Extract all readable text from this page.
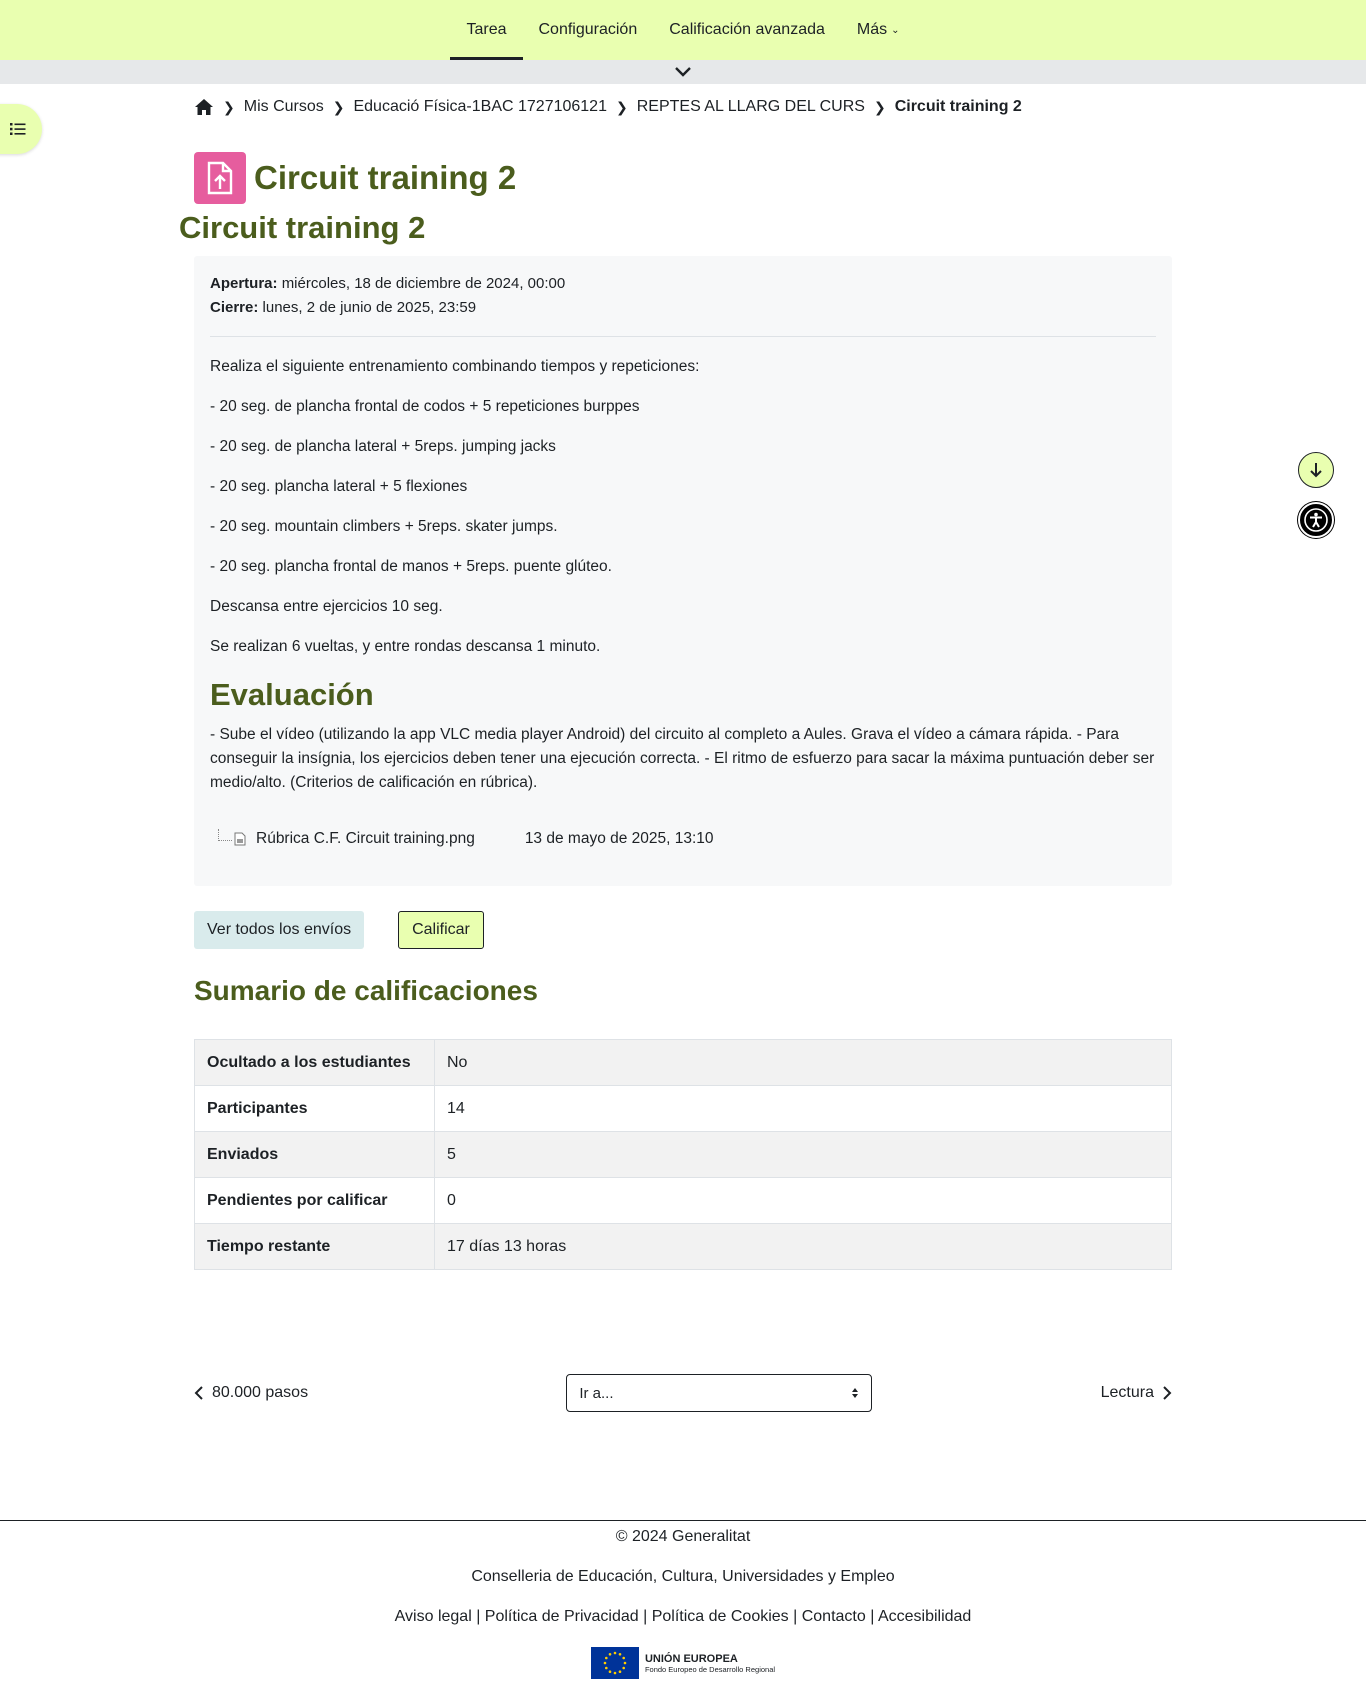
Tarea Configuración Calificación avanzada Más ⌄
❯ Mis Cursos ❯ Educació Física-1BAC 1727106121 ❯ REPTES AL LLARG DEL CURS ❯ Circuit training 2
Circuit training 2
Circuit training 2
Apertura: miércoles, 18 de diciembre de 2024, 00:00
Cierre: lunes, 2 de junio de 2025, 23:59

Realiza el siguiente entrenamiento combinando tiempos y repeticiones:

- 20 seg. de plancha frontal de codos + 5 repeticiones burppes

- 20 seg. de plancha lateral + 5reps. jumping jacks

- 20 seg. plancha lateral + 5 flexiones

- 20 seg. mountain climbers + 5reps. skater jumps.

- 20 seg. plancha frontal de manos + 5reps. puente glúteo.

Descansa entre ejercicios 10 seg.

Se realizan 6 vueltas, y entre rondas descansa 1 minuto.

Evaluación
- Sube el vídeo (utilizando la app VLC media player Android) del circuito al completo a Aules. Grava el vídeo a cámara rápida. - Para conseguir la insígnia, los ejercicios deben tener una ejecución correcta. - El ritmo de esfuerzo para sacar la máxima puntuación deber ser medio/alto. (Criterios de calificación en rúbrica).
Rúbrica C.F. Circuit training.png	13 de mayo de 2025, 13:10
Ver todos los envíos	Calificar
Sumario de calificaciones
Ocultado a los estudiantes	No
Participantes	14
Enviados	5
Pendientes por calificar	0
Tiempo restante	17 días 13 horas
80.000 pasos	Ir a...	Lectura
© 2024 Generalitat
Conselleria de Educación, Cultura, Universidades y Empleo
Aviso legal | Política de Privacidad | Política de Cookies | Contacto | Accesibilidad
UNIÓN EUROPEA
Fondo Europeo de Desarrollo Regional
